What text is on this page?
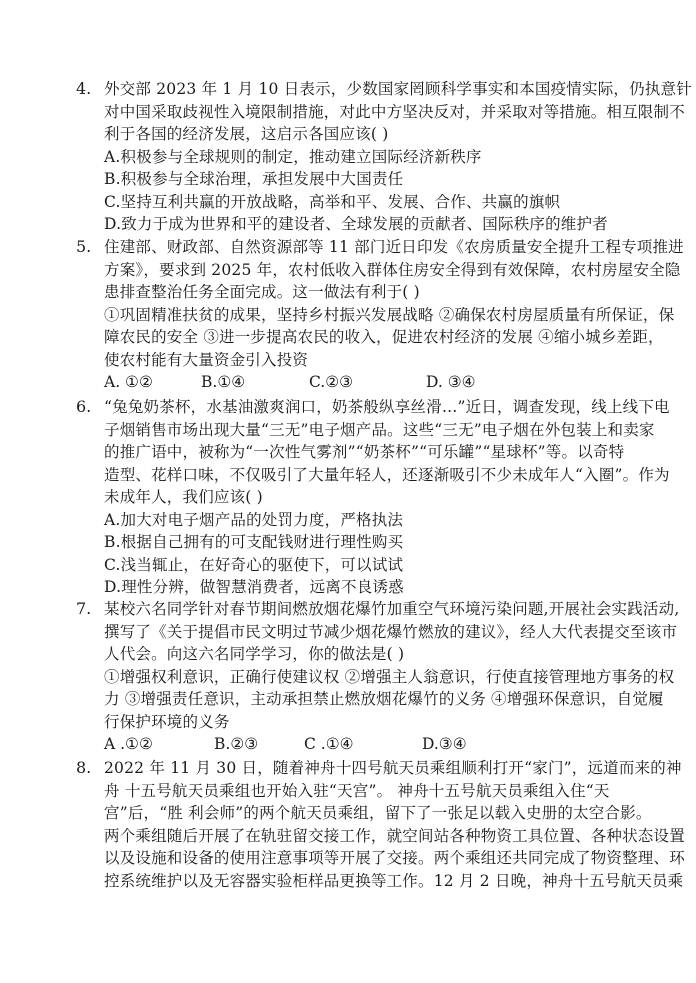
4. 外交部 2023 年 1 月 10 日表示，少数国家罔顾科学事实和本国疫情实际，仍执意针
对中国采取歧视性入境限制措施，对此中方坚决反对，并采取对等措施。相互限制不
利于各国的经济发展，这启示各国应该( )
A.积极参与全球规则的制定，推动建立国际经济新秩序
B.积极参与全球治理，承担发展中大国责任
C.坚持互利共赢的开放战略，高举和平、发展、合作、共赢的旗帜
D.致力于成为世界和平的建设者、全球发展的贡献者、国际秩序的维护者
5. 住建部、财政部、自然资源部等 11 部门近日印发《农房质量安全提升工程专项推进
方案》，要求到 2025 年，农村低收入群体住房安全得到有效保障，农村房屋安全隐
患排查整治任务全面完成。这一做法有利于( )
①巩固精准扶贫的成果，坚持乡村振兴发展战略 ②确保农村房屋质量有所保证，保
障农民的安全 ③进一步提高农民的收入，促进农村经济的发展 ④缩小城乡差距，
使农村能有大量资金引入投资
A. ①②	B.①④	C.②③	D. ③④
6. “兔兔奶茶杯，水基油激爽润口，奶茶般纵享丝滑…”近日，调查发现，线上线下电
子烟销售市场出现大量“三无”电子烟产品。这些“三无”电子烟在外包装上和卖家
的推广语中，被称为“一次性气雾剂”“奶茶杯”“可乐罐”“星球杯”等。以奇特
造型、花样口味，不仅吸引了大量年轻人，还逐渐吸引不少未成年人“入圈”。作为
未成年人，我们应该( )
A.加大对电子烟产品的处罚力度，严格执法
B.根据自己拥有的可支配钱财进行理性购买
C.浅当辄止，在好奇心的驱使下，可以试试
D.理性分辨，做智慧消费者，远离不良诱惑
7. 某校六名同学针对春节期间燃放烟花爆竹加重空气环境污染问题,开展社会实践活动,
撰写了《关于提倡市民文明过节减少烟花爆竹燃放的建议》，经人大代表提交至该市
人代会。向这六名同学学习，你的做法是( )
①增强权利意识，正确行使建议权 ②增强主人翁意识，行使直接管理地方事务的权
力 ③增强责任意识，主动承担禁止燃放烟花爆竹的义务 ④增强环保意识，自觉履
行保护环境的义务
A .①②	B.②③	C .①④	D.③④
8. 2022 年 11 月 30 日，随着神舟十四号航天员乘组顺利打开“家门”，远道而来的神
舟 十五号航天员乘组也开始入驻“天宫”。 神舟十五号航天员乘组入住“天
宫”后，“胜 利会师”的两个航天员乘组，留下了一张足以载入史册的太空合影。
两个乘组随后开展了在轨驻留交接工作，就空间站各种物资工具位置、各种状态设置
以及设施和设备的使用注意事项等开展了交接。两个乘组还共同完成了物资整理、环
控系统维护以及无容器实验柜样品更换等工作。12 月 2 日晚，神舟十五号航天员乘
